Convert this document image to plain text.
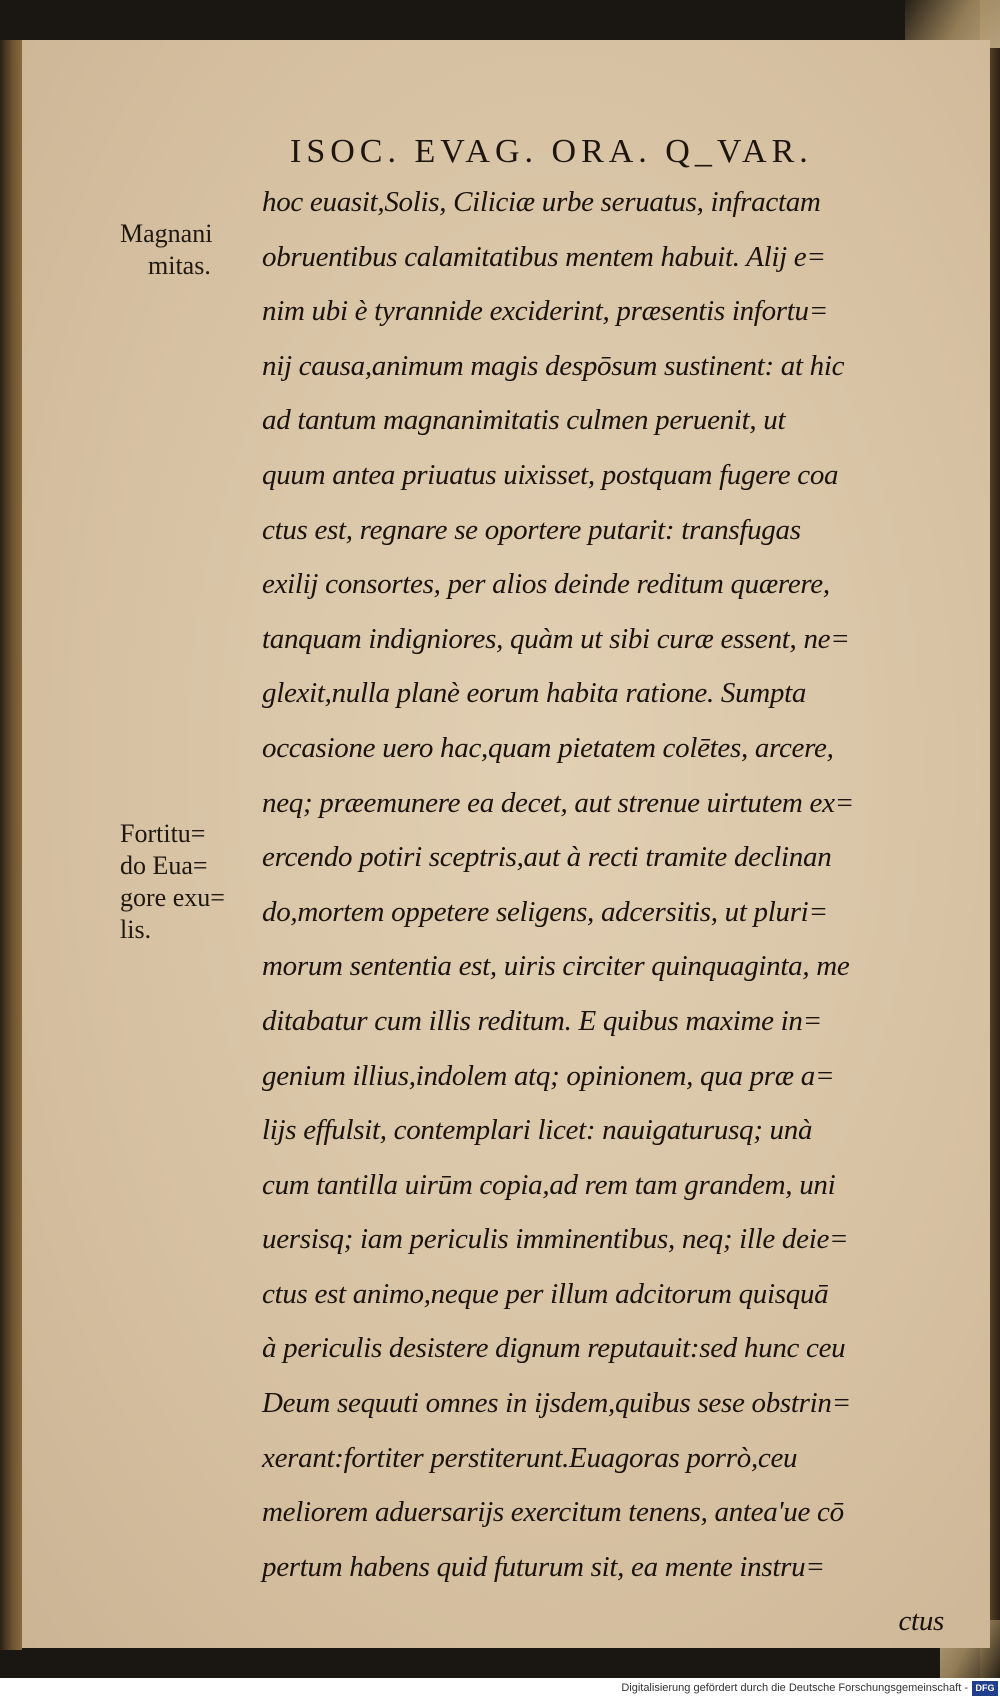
ISOC. EVAG. ORA. Q_VAR.
Magnani
mitas.
Fortitu=
do Eua=
gore exu=
lis.
hoc euasit,Solis, Ciliciæ urbe seruatus, infractam
obruentibus calamitatibus mentem habuit. Alij e=
nim ubi è tyrannide exciderint, præsentis infortu=
nij causa,animum magis despōsum sustinent: at hic
ad tantum magnanimitatis culmen peruenit, ut
quum antea priuatus uixisset, postquam fugere coa
ctus est, regnare se oportere putarit: transfugas
exilij consortes, per alios deinde reditum quærere,
tanquam indigniores, quàm ut sibi curæ essent, ne=
glexit,nulla planè eorum habita ratione. Sumpta
occasione uero hac,quam pietatem colētes, arcere,
neq; præemunere ea decet, aut strenue uirtutem ex=
ercendo potiri sceptris,aut à recti tramite declinan
do,mortem oppetere seligens, adcersitis, ut pluri=
morum sententia est, uiris circiter quinquaginta, me
ditabatur cum illis reditum. E quibus maxime in=
genium illius,indolem atq; opinionem, qua præ a=
lijs effulsit, contemplari licet: nauigaturusq; unà
cum tantilla uirūm copia,ad rem tam grandem, uni
uersisq; iam periculis imminentibus, neq; ille deie=
ctus est animo,neque per illum adcitorum quisquā
à periculis desistere dignum reputauit:sed hunc ceu
Deum sequuti omnes in ijsdem,quibus sese obstrin=
xerant:fortiter perstiterunt.Euagoras porrò,ceu
meliorem aduersarijs exercitum tenens, antea'ue cō
pertum habens quid futurum sit, ea mente instru=
ctus
Digitalisierung gefördert durch die Deutsche Forschungsgemeinschaft - DFG
